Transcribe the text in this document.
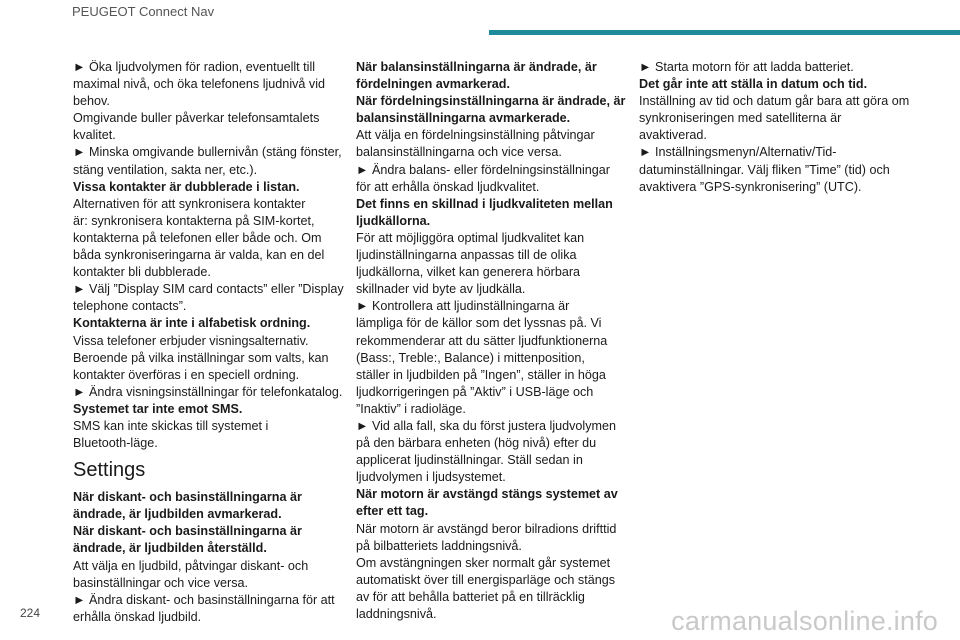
PEUGEOT Connect Nav

► Öka ljudvolymen för radion, eventuellt till

maximal nivå, och öka telefonens ljudnivå vid

behov.

Omgivande buller påverkar telefonsamtalets

kvalitet.

► Minska omgivande bullernivån (stäng fönster,

stäng ventilation, sakta ner, etc.).

Vissa kontakter är dubblerade i listan.

Alternativen för att synkronisera kontakter

är: synkronisera kontakterna på SIM-kortet,

kontakterna på telefonen eller både och. Om

båda synkroniseringarna är valda, kan en del

kontakter bli dubblerade.

► Välj ”Display SIM card contacts” eller ”Display

telephone contacts”.

Kontakterna är inte i alfabetisk ordning.

Vissa telefoner erbjuder visningsalternativ.

Beroende på vilka inställningar som valts, kan

kontakter överföras i en speciell ordning.

► Ändra visningsinställningar för telefonkatalog.

Systemet tar inte emot SMS.

SMS kan inte skickas till systemet i

Bluetooth-läge.

Settings

När diskant- och basinställningarna är

ändrade, är ljudbilden avmarkerad.

När diskant- och basinställningarna är

ändrade, är ljudbilden återställd.

Att välja en ljudbild, påtvingar diskant- och

basinställningar och vice versa.

► Ändra diskant- och basinställningarna för att

erhålla önskad ljudbild.

När balansinställningarna är ändrade, är

fördelningen avmarkerad.

När fördelningsinställningarna är ändrade, är

balansinställningarna avmarkerade.

Att välja en fördelningsinställning påtvingar

balansinställningarna och vice versa.

► Ändra balans- eller fördelningsinställningar

för att erhålla önskad ljudkvalitet.

Det finns en skillnad i ljudkvaliteten mellan

ljudkällorna.

För att möjliggöra optimal ljudkvalitet kan

ljudinställningarna anpassas till de olika

ljudkällorna, vilket kan generera hörbara

skillnader vid byte av ljudkälla.

► Kontrollera att ljudinställningarna är

lämpliga för de källor som det lyssnas på. Vi

rekommenderar att du sätter ljudfunktionerna

(Bass:, Treble:, Balance) i mittenposition,

ställer in ljudbilden på ”Ingen”, ställer in höga

ljudkorrigeringen på ”Aktiv” i USB-läge och

”Inaktiv” i radioläge.

► Vid alla fall, ska du först justera ljudvolymen

på den bärbara enheten (hög nivå) efter du

applicerat ljudinställningar. Ställ sedan in

ljudvolymen i ljudsystemet.

När motorn är avstängd stängs systemet av

efter ett tag.

När motorn är avstängd beror bilradions drifttid

på bilbatteriets laddningsnivå.

Om avstängningen sker normalt går systemet

automatiskt över till energisparläge och stängs

av för att behålla batteriet på en tillräcklig

laddningsnivå.

► Starta motorn för att ladda batteriet.

Det går inte att ställa in datum och tid.

Inställning av tid och datum går bara att göra om

synkroniseringen med satelliterna är avaktiverad.

► Inställningsmenyn/Alternativ/Tid-

datuminställningar. Välj fliken ”Time” (tid) och

avaktivera ”GPS-synkronisering” (UTC).

224	carmanualsonline.info
